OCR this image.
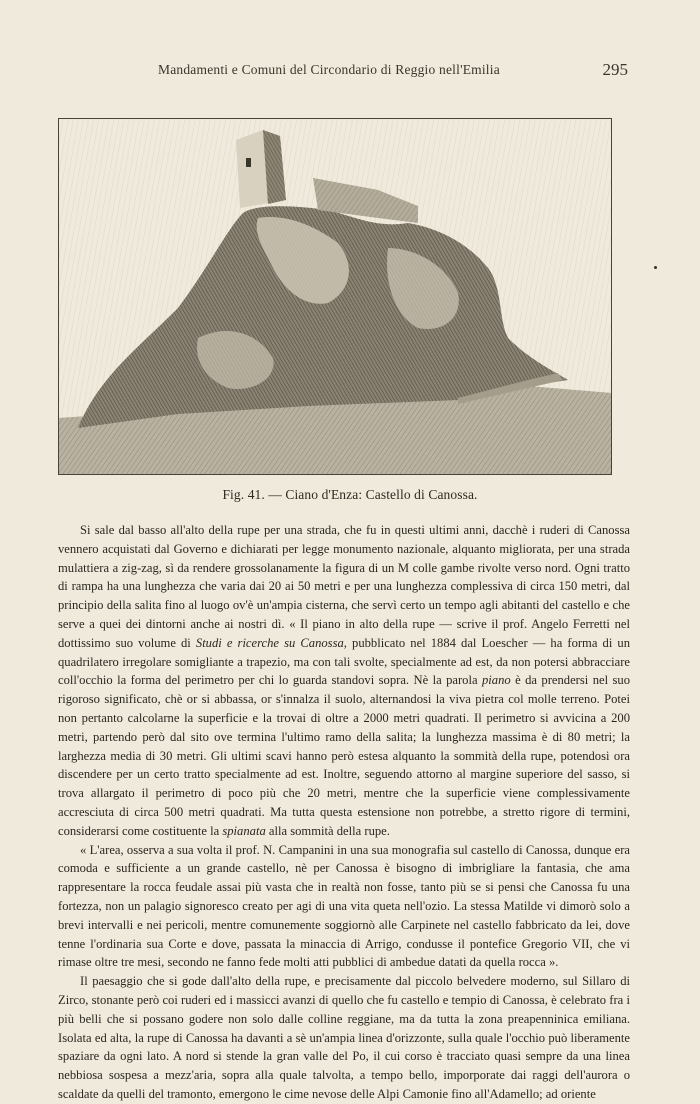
Mandamenti e Comuni del Circondario di Reggio nell'Emilia	295
Fig. 41. — Ciano d'Enza: Castello di Canossa.

Si sale dal basso all'alto della rupe per una strada, che fu in questi ultimi anni, dacchè i ruderi di Canossa vennero acquistati dal Governo e dichiarati per legge monumento nazionale, alquanto migliorata, per una strada mulattiera a zig-zag, sì da rendere grossolanamente la figura di un M colle gambe rivolte verso nord. Ogni tratto di rampa ha una lunghezza che varia dai 20 ai 50 metri e per una lunghezza complessiva di circa 150 metri, dal principio della salita fino al luogo ov'è un'ampia cisterna, che servì certo un tempo agli abitanti del castello e che serve a quei dei dintorni anche ai nostri dì. « Il piano in alto della rupe — scrive il prof. Angelo Ferretti nel dottissimo suo volume di Studi e ricerche su Canossa, pubblicato nel 1884 dal Loescher — ha forma di un quadrilatero irregolare somigliante a trapezio, ma con tali svolte, specialmente ad est, da non potersi abbracciare coll'occhio la forma del perimetro per chi lo guarda standovi sopra. Nè la parola piano è da prendersi nel suo rigoroso significato, chè or si abbassa, or s'innalza il suolo, alternandosi la viva pietra col molle terreno. Potei non pertanto calcolarne la superficie e la trovai di oltre a 2000 metri quadrati. Il perimetro si avvicina a 200 metri, partendo però dal sito ove termina l'ultimo ramo della salita; la lunghezza massima è di 80 metri; la larghezza media di 30 metri. Gli ultimi scavi hanno però estesa alquanto la sommità della rupe, potendosi ora discendere per un certo tratto specialmente ad est. Inoltre, seguendo attorno al margine superiore del sasso, si trova allargato il perimetro di poco più che 20 metri, mentre che la superficie viene complessivamente accresciuta di circa 500 metri quadrati. Ma tutta questa estensione non potrebbe, a stretto rigore di termini, considerarsi come costituente la spianata alla sommità della rupe.

« L'area, osserva a sua volta il prof. N. Campanini in una sua monografia sul castello di Canossa, dunque era comoda e sufficiente a un grande castello, nè per Canossa è bisogno di imbrigliare la fantasia, che ama rappresentare la rocca feudale assai più vasta che in realtà non fosse, tanto più se si pensi che Canossa fu una fortezza, non un palagio signoresco creato per agi di una vita queta nell'ozio. La stessa Matilde vi dimorò solo a brevi intervalli e nei pericoli, mentre comunemente soggiornò alle Carpinete nel castello fabbricato da lei, dove tenne l'ordinaria sua Corte e dove, passata la minaccia di Arrigo, condusse il pontefice Gregorio VII, che vi rimase oltre tre mesi, secondo ne fanno fede molti atti pubblici di ambedue datati da quella rocca ».

Il paesaggio che si gode dall'alto della rupe, e precisamente dal piccolo belvedere moderno, sul Sillaro di Zirco, stonante però coi ruderi ed i massicci avanzi di quello che fu castello e tempio di Canossa, è celebrato fra i più belli che si possano godere non solo dalle colline reggiane, ma da tutta la zona preapenninica emiliana. Isolata ed alta, la rupe di Canossa ha davanti a sè un'ampia linea d'orizzonte, sulla quale l'occhio può liberamente spaziare da ogni lato. A nord si stende la gran valle del Po, il cui corso è tracciato quasi sempre da una linea nebbiosa sospesa a mezz'aria, sopra alla quale talvolta, a tempo bello, imporporate dai raggi dell'aurora o scaldate da quelli del tramonto, emergono le cime nevose delle Alpi Camonie fino all'Adamello; ad oriente
